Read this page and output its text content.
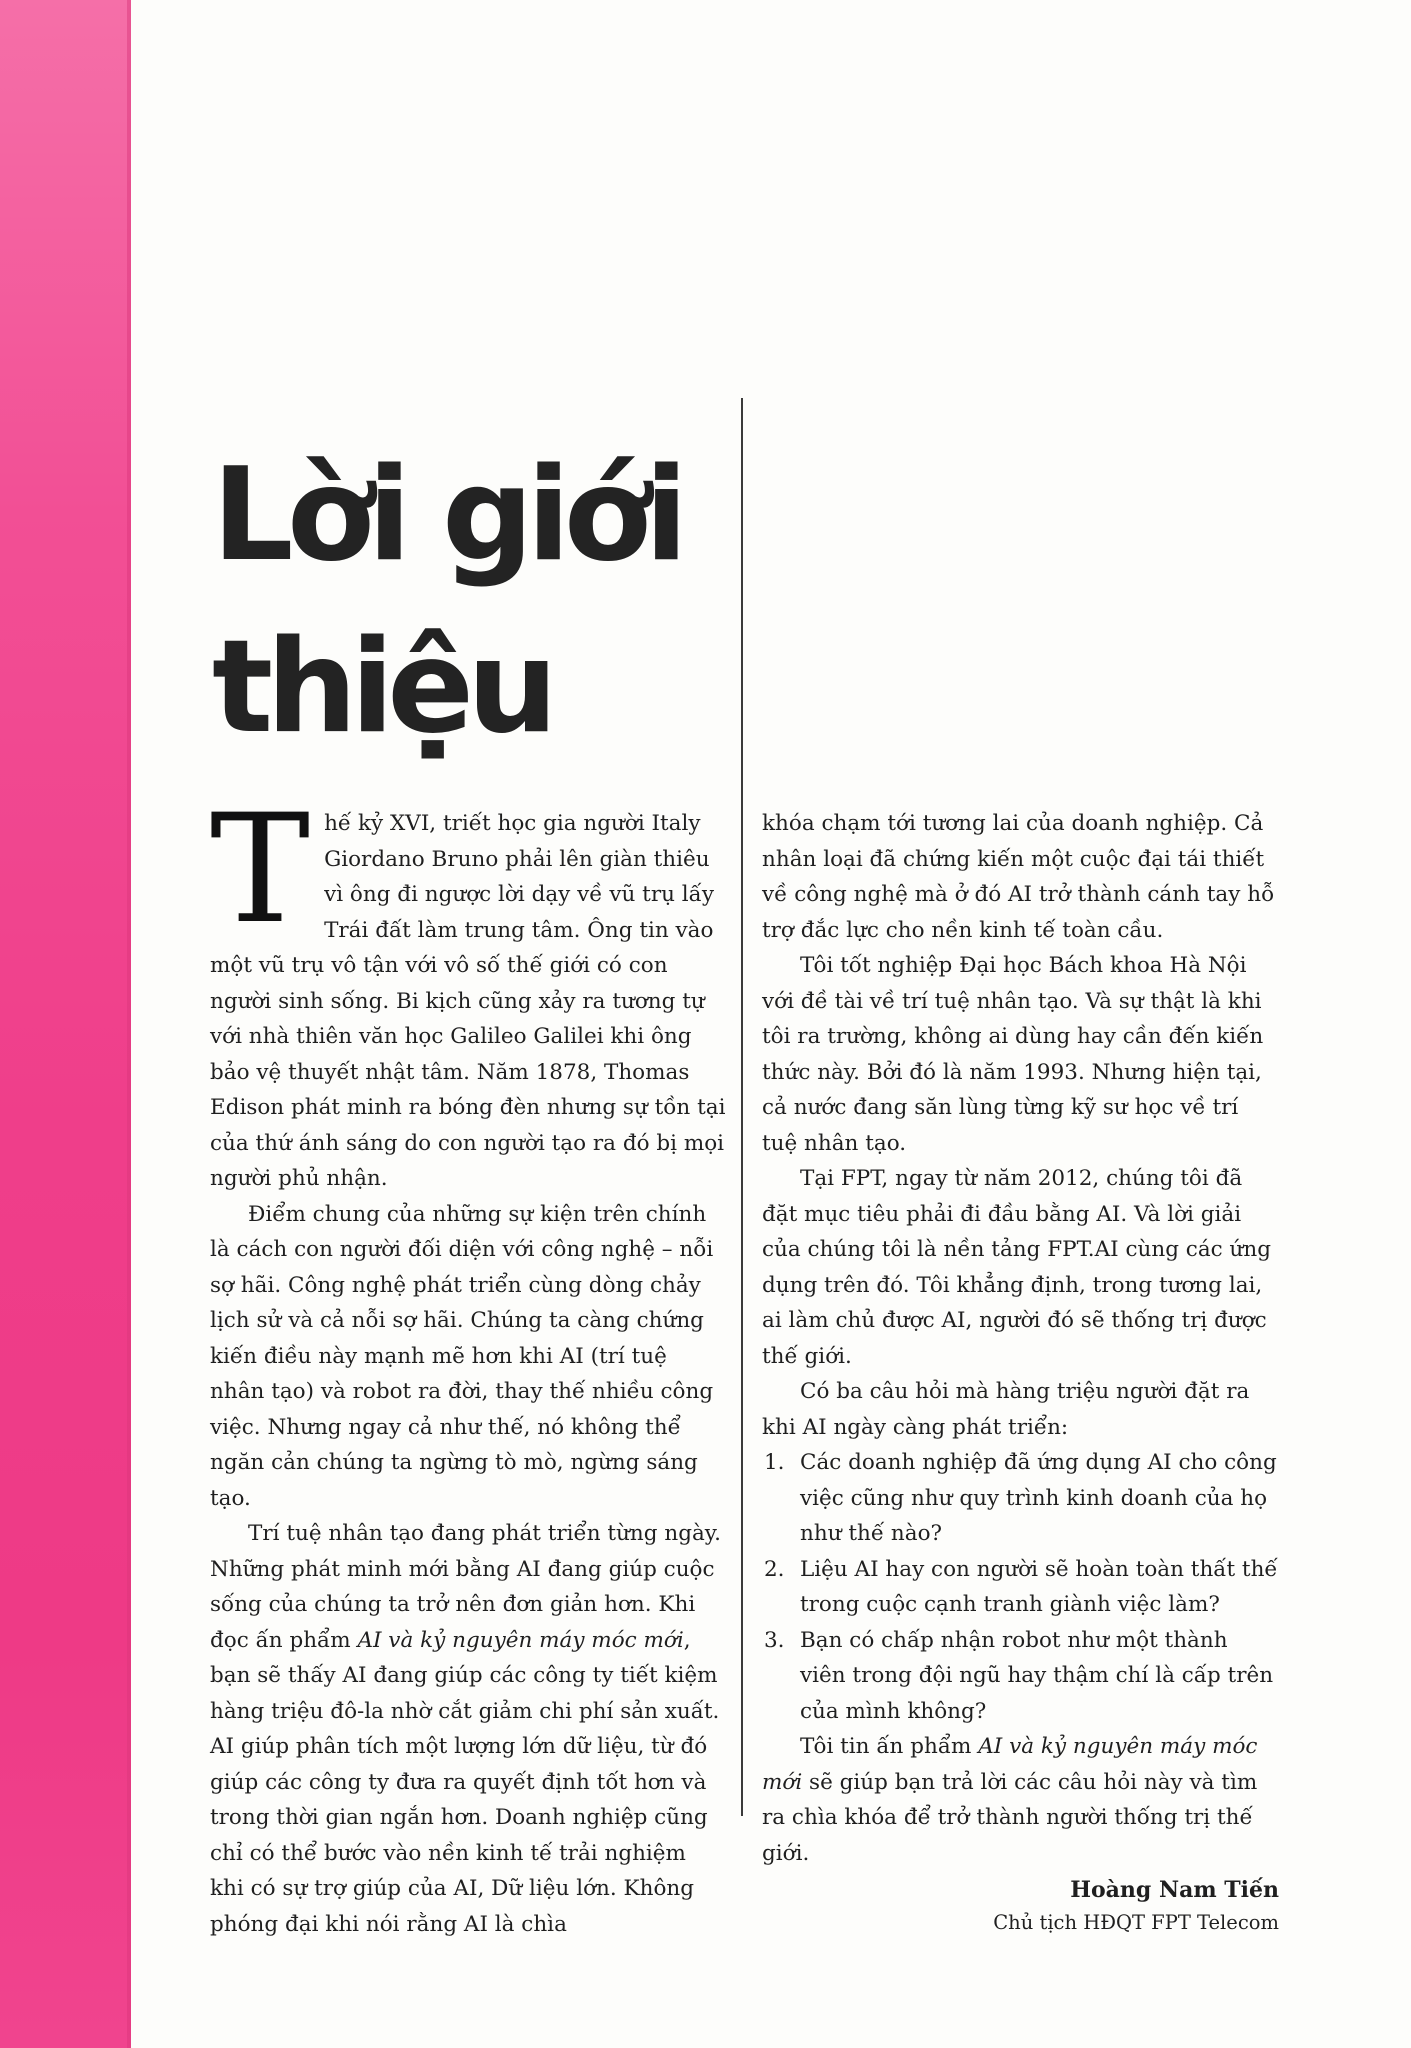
Lời giới
thiệu

Thế kỷ XVI, triết học gia người Italy Giordano Bruno phải lên giàn thiêu vì ông đi ngược lời dạy về vũ trụ lấy Trái đất làm trung tâm. Ông tin vào một vũ trụ vô tận với vô số thế giới có con người sinh sống. Bi kịch cũng xảy ra tương tự với nhà thiên văn học Galileo Galilei khi ông bảo vệ thuyết nhật tâm. Năm 1878, Thomas Edison phát minh ra bóng đèn nhưng sự tồn tại của thứ ánh sáng do con người tạo ra đó bị mọi người phủ nhận.

Điểm chung của những sự kiện trên chính là cách con người đối diện với công nghệ – nỗi sợ hãi. Công nghệ phát triển cùng dòng chảy lịch sử và cả nỗi sợ hãi. Chúng ta càng chứng kiến điều này mạnh mẽ hơn khi AI (trí tuệ nhân tạo) và robot ra đời, thay thế nhiều công việc. Nhưng ngay cả như thế, nó không thể ngăn cản chúng ta ngừng tò mò, ngừng sáng tạo.

Trí tuệ nhân tạo đang phát triển từng ngày. Những phát minh mới bằng AI đang giúp cuộc sống của chúng ta trở nên đơn giản hơn. Khi đọc ấn phẩm AI và kỷ nguyên máy móc mới, bạn sẽ thấy AI đang giúp các công ty tiết kiệm hàng triệu đô-la nhờ cắt giảm chi phí sản xuất. AI giúp phân tích một lượng lớn dữ liệu, từ đó giúp các công ty đưa ra quyết định tốt hơn và trong thời gian ngắn hơn. Doanh nghiệp cũng chỉ có thể bước vào nền kinh tế trải nghiệm khi có sự trợ giúp của AI, Dữ liệu lớn. Không phóng đại khi nói rằng AI là chìa

khóa chạm tới tương lai của doanh nghiệp. Cả nhân loại đã chứng kiến một cuộc đại tái thiết về công nghệ mà ở đó AI trở thành cánh tay hỗ trợ đắc lực cho nền kinh tế toàn cầu.

Tôi tốt nghiệp Đại học Bách khoa Hà Nội với đề tài về trí tuệ nhân tạo. Và sự thật là khi tôi ra trường, không ai dùng hay cần đến kiến thức này. Bởi đó là năm 1993. Nhưng hiện tại, cả nước đang săn lùng từng kỹ sư học về trí tuệ nhân tạo.

Tại FPT, ngay từ năm 2012, chúng tôi đã đặt mục tiêu phải đi đầu bằng AI. Và lời giải của chúng tôi là nền tảng FPT.AI cùng các ứng dụng trên đó. Tôi khẳng định, trong tương lai, ai làm chủ được AI, người đó sẽ thống trị được thế giới.

Có ba câu hỏi mà hàng triệu người đặt ra khi AI ngày càng phát triển:

1. Các doanh nghiệp đã ứng dụng AI cho công việc cũng như quy trình kinh doanh của họ như thế nào?
2. Liệu AI hay con người sẽ hoàn toàn thất thế trong cuộc cạnh tranh giành việc làm?
3. Bạn có chấp nhận robot như một thành viên trong đội ngũ hay thậm chí là cấp trên của mình không?

Tôi tin ấn phẩm AI và kỷ nguyên máy móc mới sẽ giúp bạn trả lời các câu hỏi này và tìm ra chìa khóa để trở thành người thống trị thế giới.

Hoàng Nam Tiến
Chủ tịch HĐQT FPT Telecom
